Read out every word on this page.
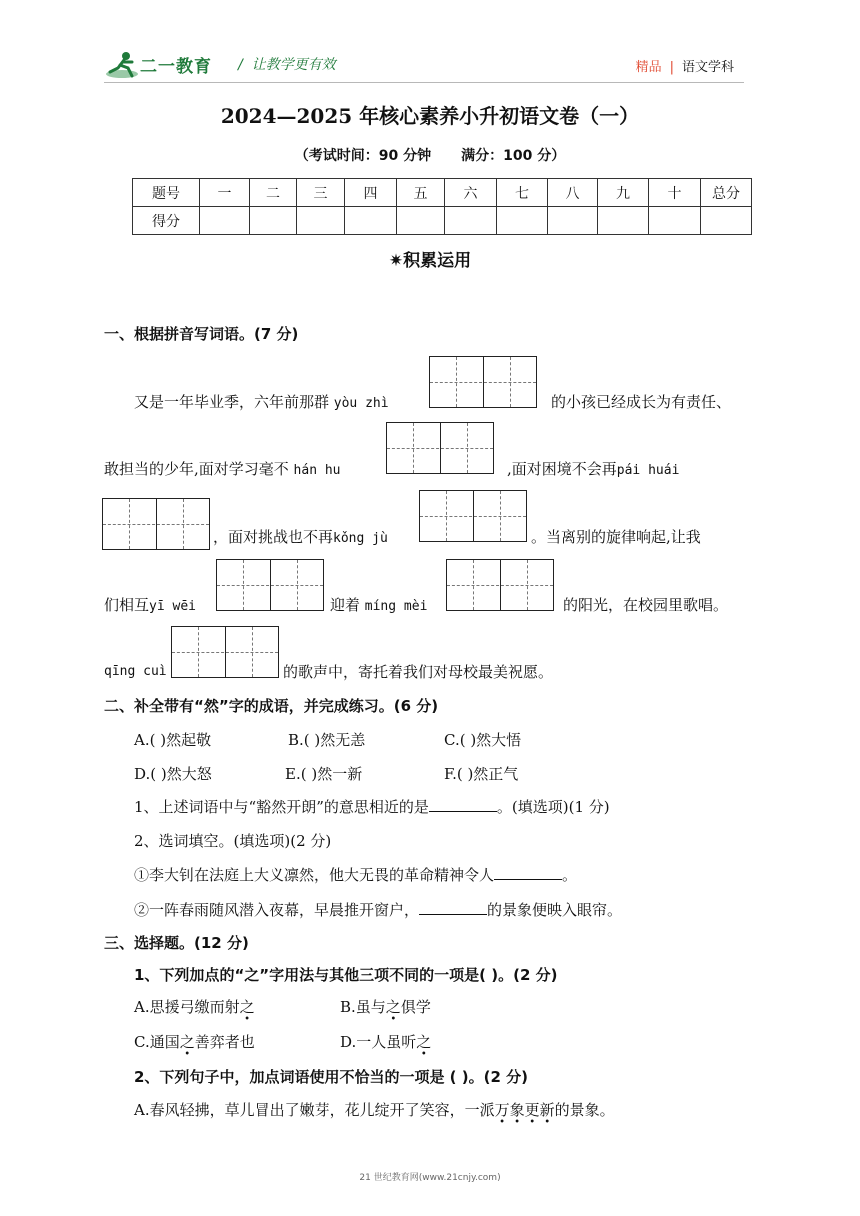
二一教育 /  让教学更有效	精品 | 语文学科
2024—2025 年核心素养小升初语文卷（一）
（考试时间：90 分钟 满分：100 分）
题号	一	二	三	四	五	六	七	八	九	十	总分
得分											
✷积累运用
一、根据拼音写词语。(7 分)
又是一年毕业季，六年前那群 yòu zhì	的小孩已经成长为有责任、
敢担当的少年,面对学习毫不 hán hu	,面对困境不会再pái huái
，面对挑战也不再kǒng jù	。当离别的旋律响起,让我
们相互yī wēi	迎着 míng mèi	的阳光，在校园里歌唱。
qīng cuì	的歌声中，寄托着我们对母校最美祝愿。
二、补全带有“然”字的成语，并完成练习。(6 分)
A.( )然起敬	B.( )然无恙	C.( )然大悟
D.( )然大怒	E.( )然一新	F.( )然正气
1、上述词语中与“豁然开朗”的意思相近的是	。(填选项)(1 分)
2、选词填空。(填选项)(2 分)
①李大钊在法庭上大义凛然，他大无畏的革命精神令人	。
②一阵春雨随风潜入夜幕，早晨推开窗户，	的景象便映入眼帘。
三、选择题。(12 分)
1、下列加点的“之”字用法与其他三项不同的一项是( )。(2 分)
A.思援弓缴而射之	B.虽与之俱学
C.通国之善弈者也	D.一人虽听之
2、下列句子中，加点词语使用不恰当的一项是 ( )。(2 分)
A.春风轻拂，草儿冒出了嫩芽，花儿绽开了笑容，一派万象更新的景象。
21 世纪教育网(www.21cnjy.com)
